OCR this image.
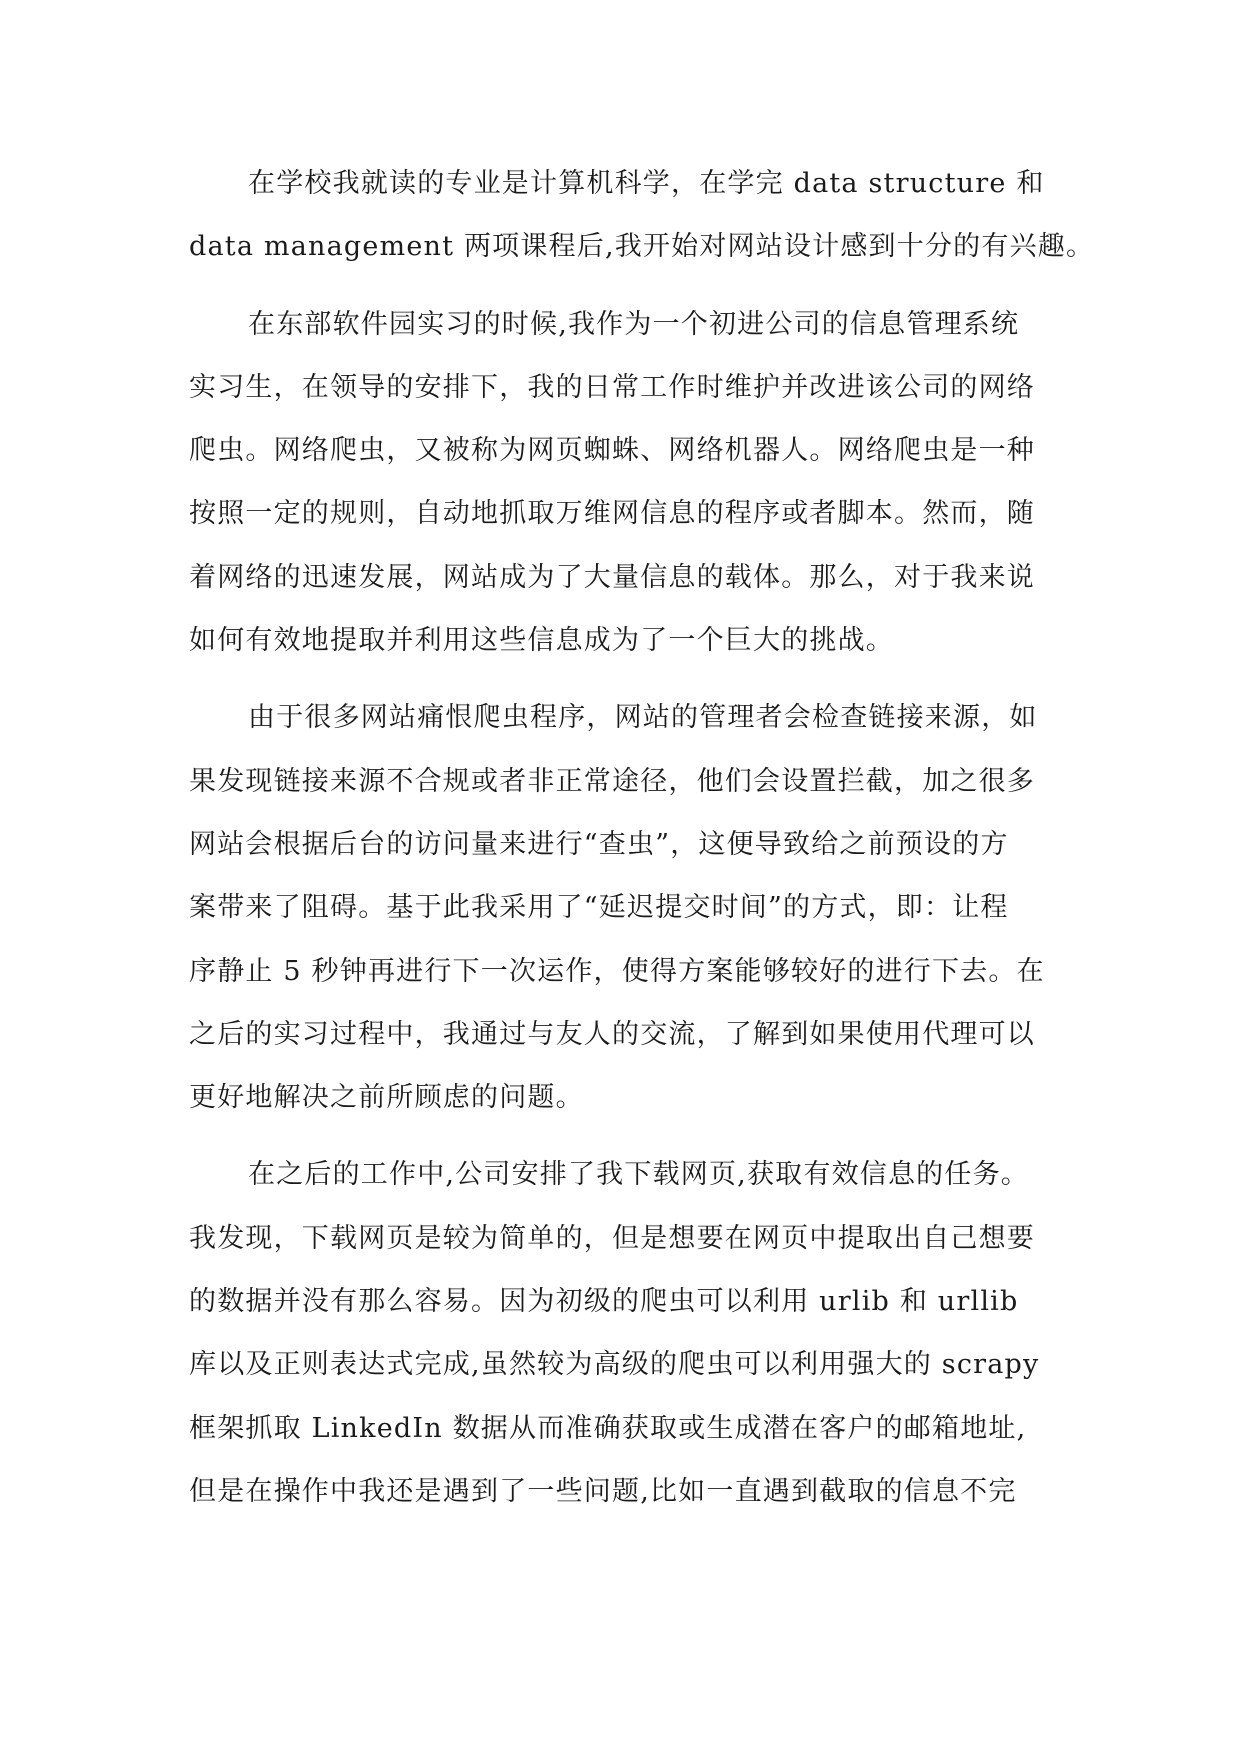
在学校我就读的专业是计算机科学，在学完 data structure 和
data management 两项课程后,我开始对网站设计感到十分的有兴趣。
在东部软件园实习的时候,我作为一个初进公司的信息管理系统
实习生，在领导的安排下，我的日常工作时维护并改进该公司的网络
爬虫。网络爬虫，又被称为网页蜘蛛、网络机器人。网络爬虫是一种
按照一定的规则，自动地抓取万维网信息的程序或者脚本。然而，随
着网络的迅速发展，网站成为了大量信息的载体。那么，对于我来说
如何有效地提取并利用这些信息成为了一个巨大的挑战。
由于很多网站痛恨爬虫程序，网站的管理者会检查链接来源，如
果发现链接来源不合规或者非正常途径，他们会设置拦截，加之很多
网站会根据后台的访问量来进行“查虫”，这便导致给之前预设的方
案带来了阻碍。基于此我采用了“延迟提交时间”的方式，即：让程
序静止 5 秒钟再进行下一次运作，使得方案能够较好的进行下去。在
之后的实习过程中，我通过与友人的交流，了解到如果使用代理可以
更好地解决之前所顾虑的问题。
在之后的工作中,公司安排了我下载网页,获取有效信息的任务。
我发现，下载网页是较为简单的，但是想要在网页中提取出自己想要
的数据并没有那么容易。因为初级的爬虫可以利用 urlib 和 urllib
库以及正则表达式完成,虽然较为高级的爬虫可以利用强大的 scrapy
框架抓取 LinkedIn 数据从而准确获取或生成潜在客户的邮箱地址,
但是在操作中我还是遇到了一些问题,比如一直遇到截取的信息不完
